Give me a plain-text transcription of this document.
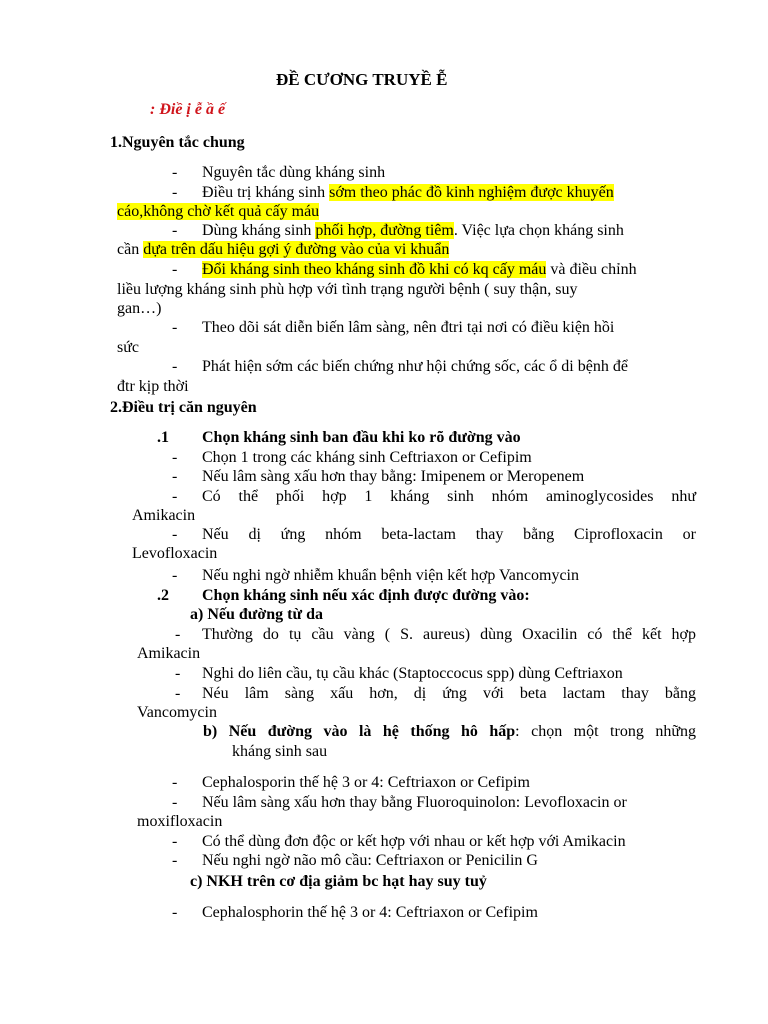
ĐỀ CƯƠNG TRUYỀ Ễ
: Điề ị ễ ầ ế
1.Nguyên tắc chung
- Nguyên tắc dùng kháng sinh
- Điều trị kháng sinh sớm theo phác đồ kinh nghiệm được khuyến
cáo,không chờ kết quả cấy máu
- Dùng kháng sinh phối hợp, đường tiêm. Việc lựa chọn kháng sinh
cần dựa trên dấu hiệu gợi ý đường vào của vi khuẩn
- Đổi kháng sinh theo kháng sinh đồ khi có kq cấy máu và điều chỉnh
liều lượng kháng sinh phù hợp với tình trạng người bệnh ( suy thận, suy
gan…)
- Theo dõi sát diễn biến lâm sàng, nên đtri tại nơi có điều kiện hồi
sức
- Phát hiện sớm các biến chứng như hội chứng sốc, các ổ di bệnh để
đtr kịp thời
2.Điều trị căn nguyên
.1 Chọn kháng sinh ban đầu khi ko rõ đường vào
- Chọn 1 trong các kháng sinh Ceftriaxon or Cefipim
- Nếu lâm sàng xấu hơn thay bằng: Imipenem or Meropenem
- Có thể phối hợp 1 kháng sinh nhóm aminoglycosides như
Amikacin
- Nếu dị ứng nhóm beta-lactam thay bằng Ciprofloxacin or
Levofloxacin
- Nếu nghi ngờ nhiễm khuẩn bệnh viện kết hợp Vancomycin
.2 Chọn kháng sinh nếu xác định được đường vào:
a) Nếu đường từ da
- Thường do tụ cầu vàng ( S. aureus) dùng Oxacilin có thể kết hợp
Amikacin
- Nghi do liên cầu, tụ cầu khác (Staptoccocus spp) dùng Ceftriaxon
- Néu lâm sàng xấu hơn, dị ứng với beta lactam thay bằng
Vancomycin
b) Nếu đường vào là hệ thống hô hấp: chọn một trong những
kháng sinh sau
- Cephalosporin thế hệ 3 or 4: Ceftriaxon or Cefipim
- Nếu lâm sàng xấu hơn thay bằng Fluoroquinolon: Levofloxacin or
moxifloxacin
- Có thể dùng đơn độc or kết hợp với nhau or kết hợp với Amikacin
- Nếu nghi ngờ não mô cầu: Ceftriaxon or Penicilin G
c) NKH trên cơ địa giảm bc hạt hay suy tuỷ
- Cephalosphorin thế hệ 3 or 4: Ceftriaxon or Cefipim
